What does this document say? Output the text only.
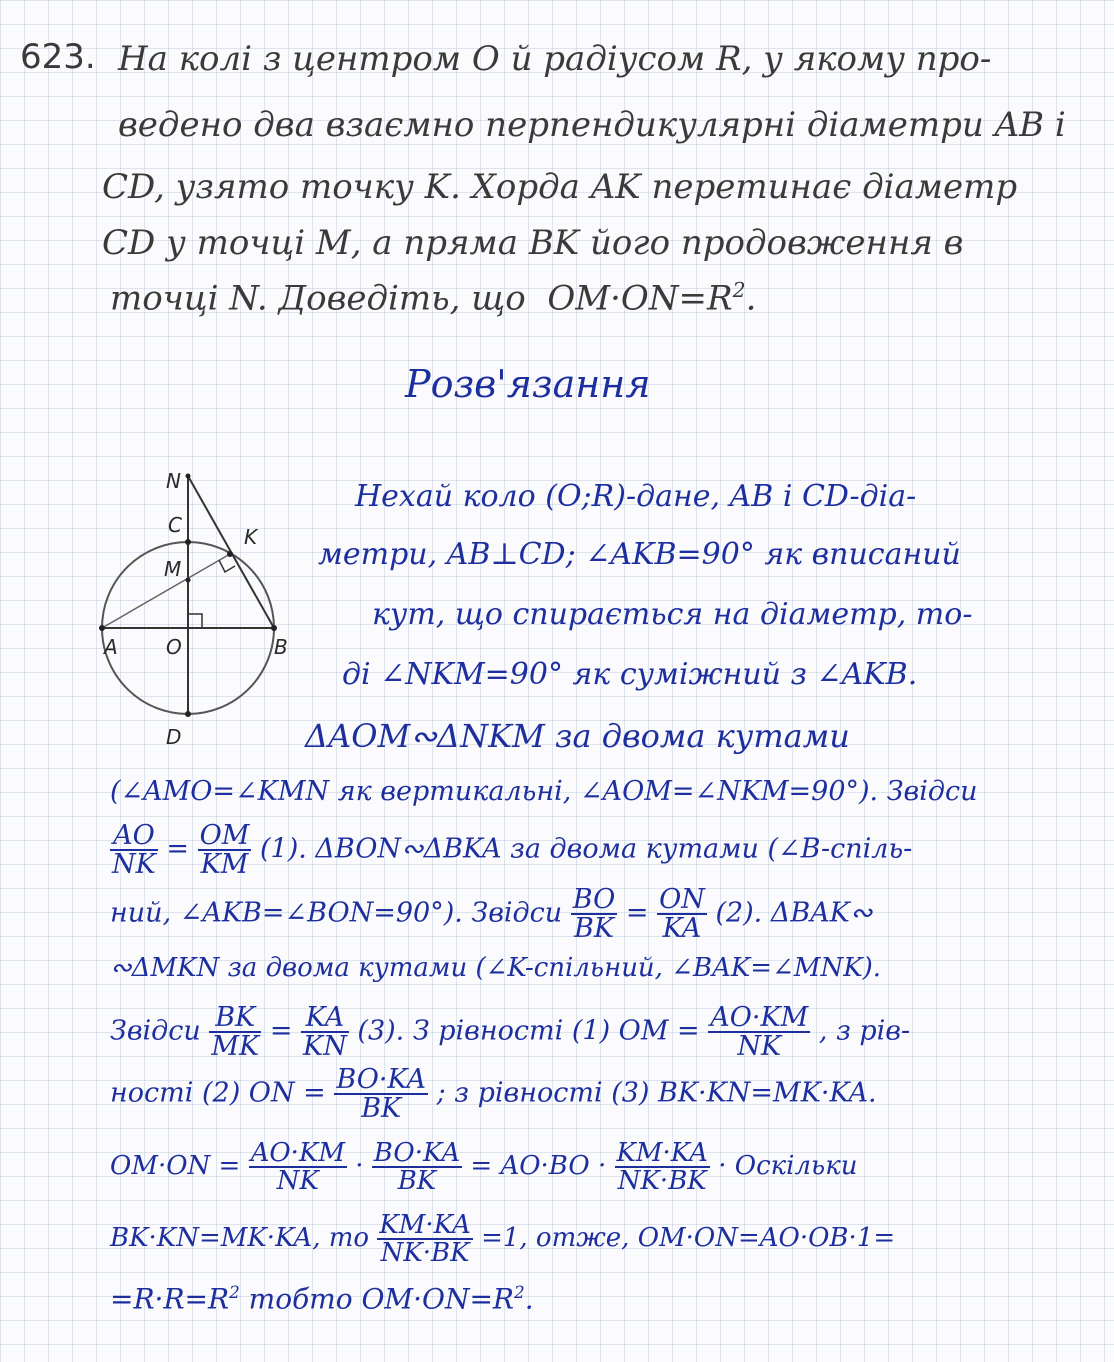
623. На колі з центром O й радіусом R, у якому про-
ведено два взаємно перпендикулярні діаметри AB і
CD, узято точку K. Хорда AK перетинає діаметр
CD у точці M, а пряма BK його продовження в
точці N. Доведіть, що $OM\cdot ON=R^2$.
Розв'язання
N
C
M
K
A O	B
D
Нехай коло (O;R)-дане, AB і CD-діа-
метри, AB⊥CD; ∠AKB=90° як вписаний
кут, що спирається на діаметр, то-
ді ∠NKM=90° як суміжний з ∠AKB.
ΔAOM∾ΔNKM за двома кутами
(∠AMO=∠KMN як вертикальні, ∠AOM=∠NKM=90°). Звідси
$\frac{AO}{NK} = \frac{OM}{KM} (1)$. ΔBON∾ΔBKA за двома кутами (∠B-спіль-
ний, ∠AKB=∠BON=90°). Звідси $\frac{BO}{BK} = \frac{ON}{KA} (2)$. ΔBAK∾
∾ΔMKN за двома кутами (∠K-спільний, ∠BAK=∠MNK).
Звідси $\frac{BK}{MK} = \frac{KA}{KN} (3)$. З рівності (1) OM = $\frac{AO\cdot KM}{NK}$ , з рів-
ності (2) ON = $\frac{BO\cdot KA}{BK}$ ; з рівності (3) BK·KN=MK·KA.
$OM\cdot ON = \frac{AO\cdot KM}{NK} \cdot \frac{BO\cdot KA}{BK} = AO\cdot BO \cdot \frac{KM\cdot KA}{NK\cdot BK}$ · Оскільки
BK·KN=MK·KA, то $\frac{KM\cdot KA}{NK\cdot BK} =1$, отже, OM·ON=AO·OB·1=
$=R\cdot R=R^2$ тобто $OM\cdot ON=R^2$.
